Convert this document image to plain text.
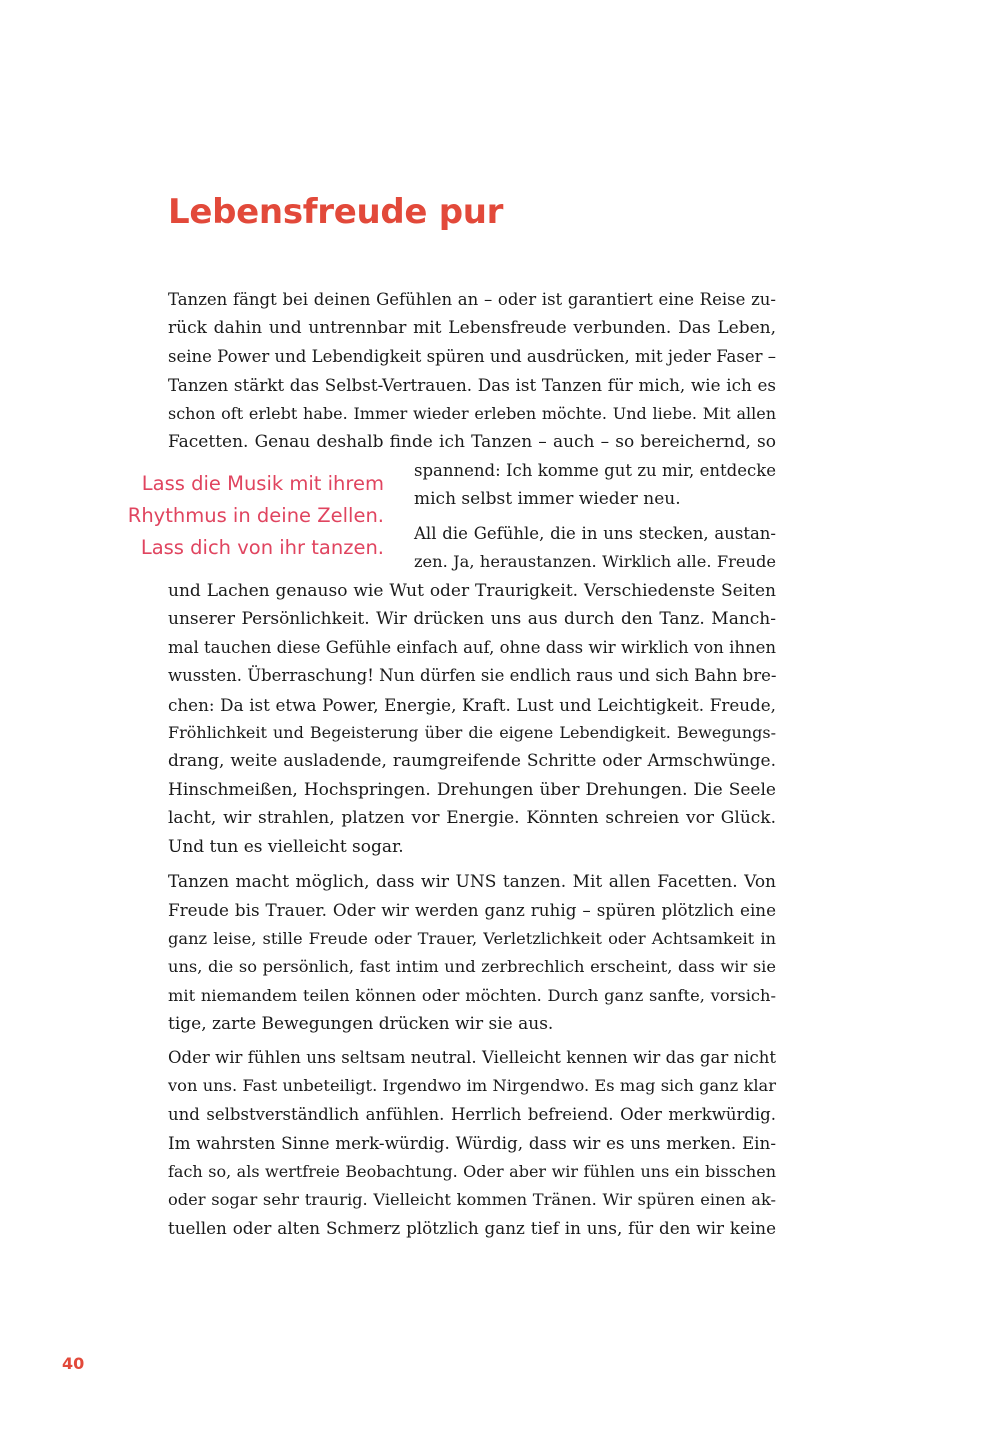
Lebensfreude pur
Tanzen fängt bei deinen Gefühlen an – oder ist garantiert eine Reise zu-
rück dahin und untrennbar mit Lebensfreude verbunden. Das Leben,
seine Power und Lebendigkeit spüren und ausdrücken, mit jeder Faser –
Tanzen stärkt das Selbst-Vertrauen. Das ist Tanzen für mich, wie ich es
schon oft erlebt habe. Immer wieder erleben möchte. Und liebe. Mit allen
Facetten. Genau deshalb finde ich Tanzen – auch – so bereichernd, so
spannend: Ich komme gut zu mir, entdecke
mich selbst immer wieder neu.
Lass die Musik mit ihrem
Rhythmus in deine Zellen.
Lass dich von ihr tanzen.
All die Gefühle, die in uns stecken, austan-
zen. Ja, heraustanzen. Wirklich alle. Freude
und Lachen genauso wie Wut oder Traurigkeit. Verschiedenste Seiten
unserer Persönlichkeit. Wir drücken uns aus durch den Tanz. Manch-
mal tauchen diese Gefühle einfach auf, ohne dass wir wirklich von ihnen
wussten. Überraschung! Nun dürfen sie endlich raus und sich Bahn bre-
chen: Da ist etwa Power, Energie, Kraft. Lust und Leichtigkeit. Freude,
Fröhlichkeit und Begeisterung über die eigene Lebendigkeit. Bewegungs-
drang, weite ausladende, raumgreifende Schritte oder Armschwünge.
Hinschmeißen, Hochspringen. Drehungen über Drehungen. Die Seele
lacht, wir strahlen, platzen vor Energie. Könnten schreien vor Glück.
Und tun es vielleicht sogar.
Tanzen macht möglich, dass wir UNS tanzen. Mit allen Facetten. Von
Freude bis Trauer. Oder wir werden ganz ruhig – spüren plötzlich eine
ganz leise, stille Freude oder Trauer, Verletzlichkeit oder Achtsamkeit in
uns, die so persönlich, fast intim und zerbrechlich erscheint, dass wir sie
mit niemandem teilen können oder möchten. Durch ganz sanfte, vorsich-
tige, zarte Bewegungen drücken wir sie aus.
Oder wir fühlen uns seltsam neutral. Vielleicht kennen wir das gar nicht
von uns. Fast unbeteiligt. Irgendwo im Nirgendwo. Es mag sich ganz klar
und selbstverständlich anfühlen. Herrlich befreiend. Oder merkwürdig.
Im wahrsten Sinne merk-würdig. Würdig, dass wir es uns merken. Ein-
fach so, als wertfreie Beobachtung. Oder aber wir fühlen uns ein bisschen
oder sogar sehr traurig. Vielleicht kommen Tränen. Wir spüren einen ak-
tuellen oder alten Schmerz plötzlich ganz tief in uns, für den wir keine
40
